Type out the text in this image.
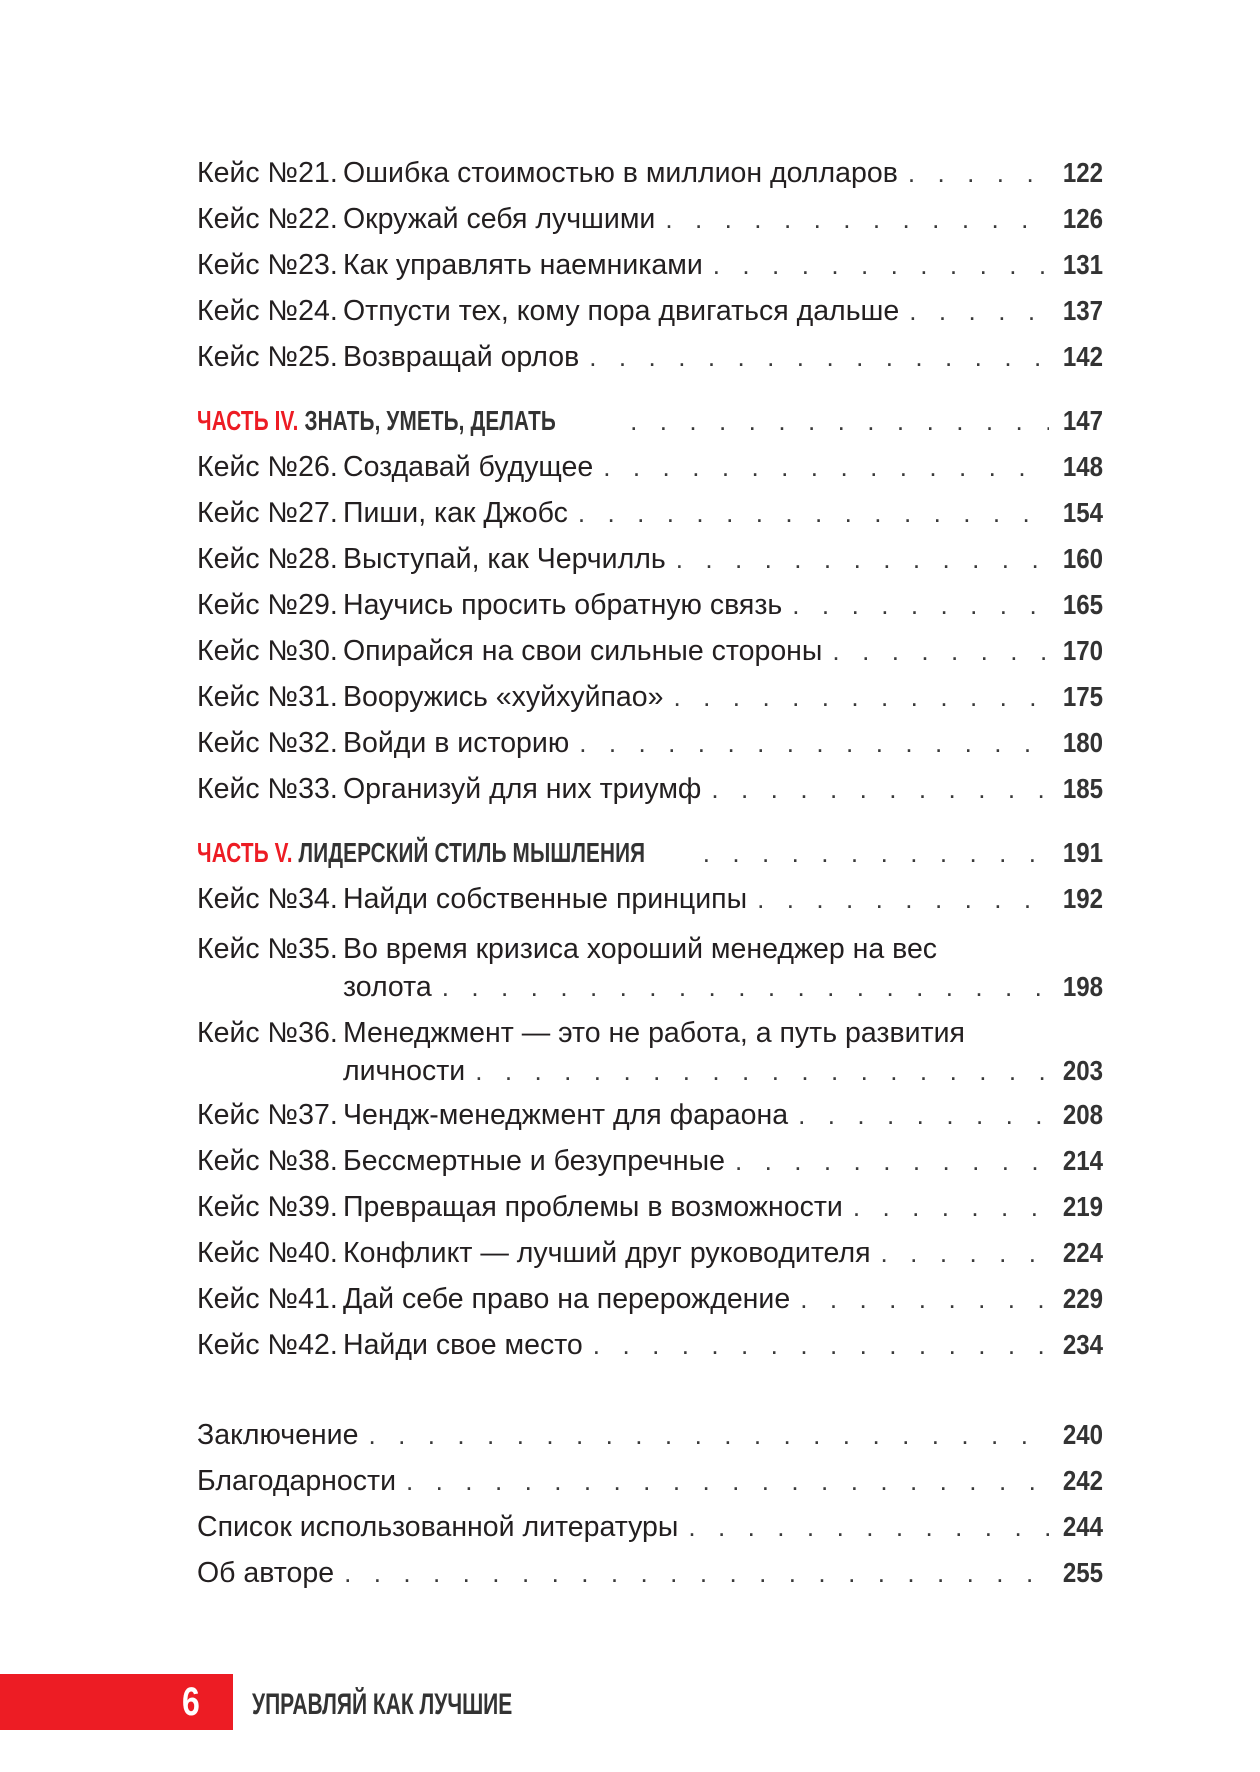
Кейс №21. Ошибка стоимостью в миллион долларов . . .	122
Кейс №22. Окружай себя лучшими . . .	126
Кейс №23. Как управлять наемниками . . .	131
Кейс №24. Отпусти тех, кому пора двигаться дальше . . .	137
Кейс №25. Возвращай орлов . . .	142
ЧАСТЬ IV. ЗНАТЬ, УМЕТЬ, ДЕЛАТЬ . . .	147
Кейс №26. Создавай будущее . . .	148
Кейс №27. Пиши, как Джобс . . .	154
Кейс №28. Выступай, как Черчилль . . .	160
Кейс №29. Научись просить обратную связь . . .	165
Кейс №30. Опирайся на свои сильные стороны . . .	170
Кейс №31. Вооружись «хуйхуйпао» . . .	175
Кейс №32. Войди в историю . . .	180
Кейс №33. Организуй для них триумф . . .	185
ЧАСТЬ V. ЛИДЕРСКИЙ СТИЛЬ МЫШЛЕНИЯ . . .	191
Кейс №34. Найди собственные принципы . . .	192
Кейс №35. Во время кризиса хороший менеджер на вес
золота . . .	198
Кейс №36. Менеджмент — это не работа, а путь развития
личности . . .	203
Кейс №37. Чендж-менеджмент для фараона . . .	208
Кейс №38. Бессмертные и безупречные . . .	214
Кейс №39. Превращая проблемы в возможности . . .	219
Кейс №40. Конфликт — лучший друг руководителя . . .	224
Кейс №41. Дай себе право на перерождение . . .	229
Кейс №42. Найди свое место . . .	234
Заключение . . .	240
Благодарности . . .	242
Список использованной литературы . . .	244
Об авторе . . .	255
6 УПРАВЛЯЙ КАК ЛУЧШИЕ
